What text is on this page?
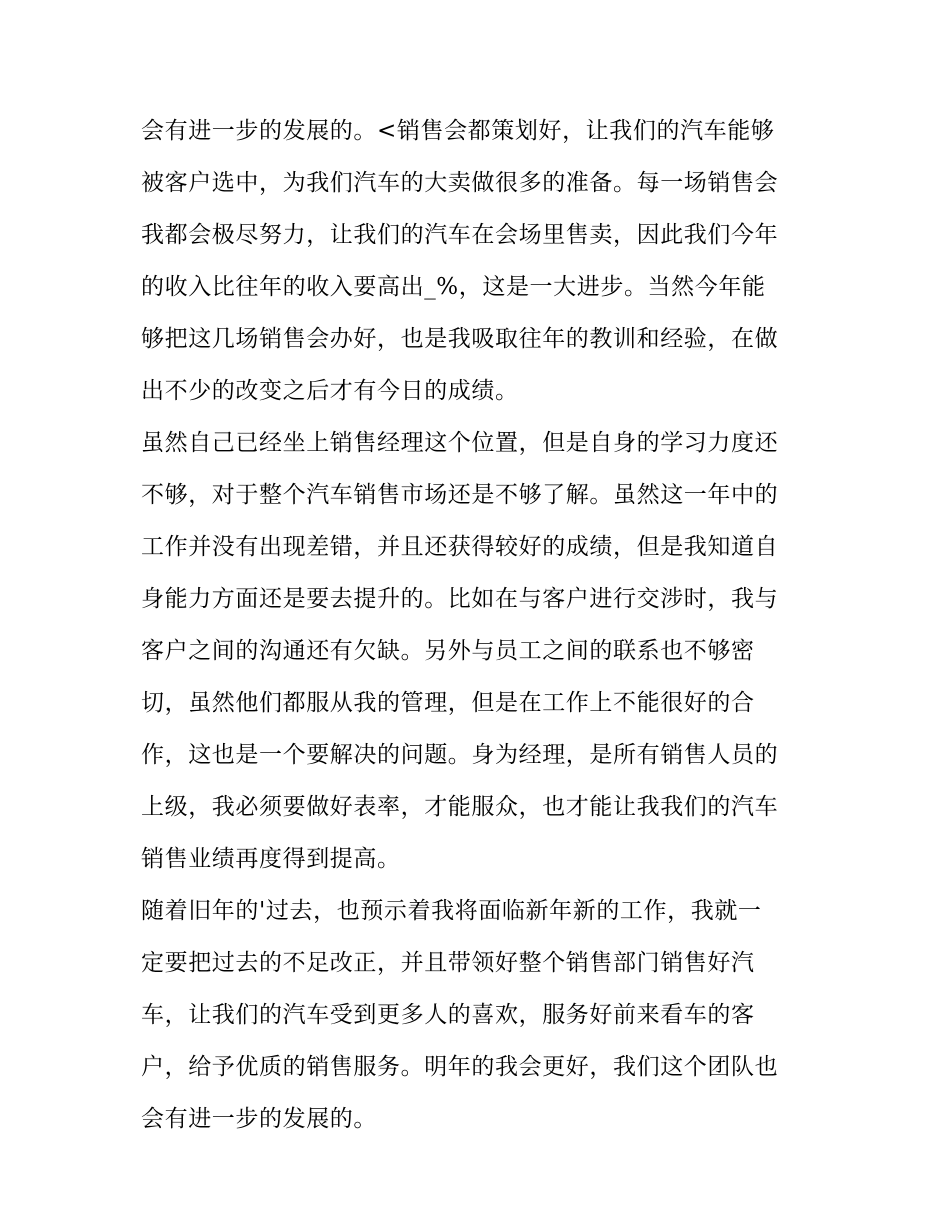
会有进一步的发展的。<销售会都策划好，让我们的汽车能够
被客户选中，为我们汽车的大卖做很多的准备。每一场销售会
我都会极尽努力，让我们的汽车在会场里售卖，因此我们今年
的收入比往年的收入要高出_%，这是一大进步。当然今年能
够把这几场销售会办好，也是我吸取往年的教训和经验，在做
出不少的改变之后才有今日的成绩。
虽然自己已经坐上销售经理这个位置，但是自身的学习力度还
不够，对于整个汽车销售市场还是不够了解。虽然这一年中的
工作并没有出现差错，并且还获得较好的成绩，但是我知道自
身能力方面还是要去提升的。比如在与客户进行交涉时，我与
客户之间的沟通还有欠缺。另外与员工之间的联系也不够密
切，虽然他们都服从我的管理，但是在工作上不能很好的合
作，这也是一个要解决的问题。身为经理，是所有销售人员的
上级，我必须要做好表率，才能服众，也才能让我我们的汽车
销售业绩再度得到提高。
随着旧年的'过去，也预示着我将面临新年新的工作，我就一
定要把过去的不足改正，并且带领好整个销售部门销售好汽
车，让我们的汽车受到更多人的喜欢，服务好前来看车的客
户，给予优质的销售服务。明年的我会更好，我们这个团队也
会有进一步的发展的。
